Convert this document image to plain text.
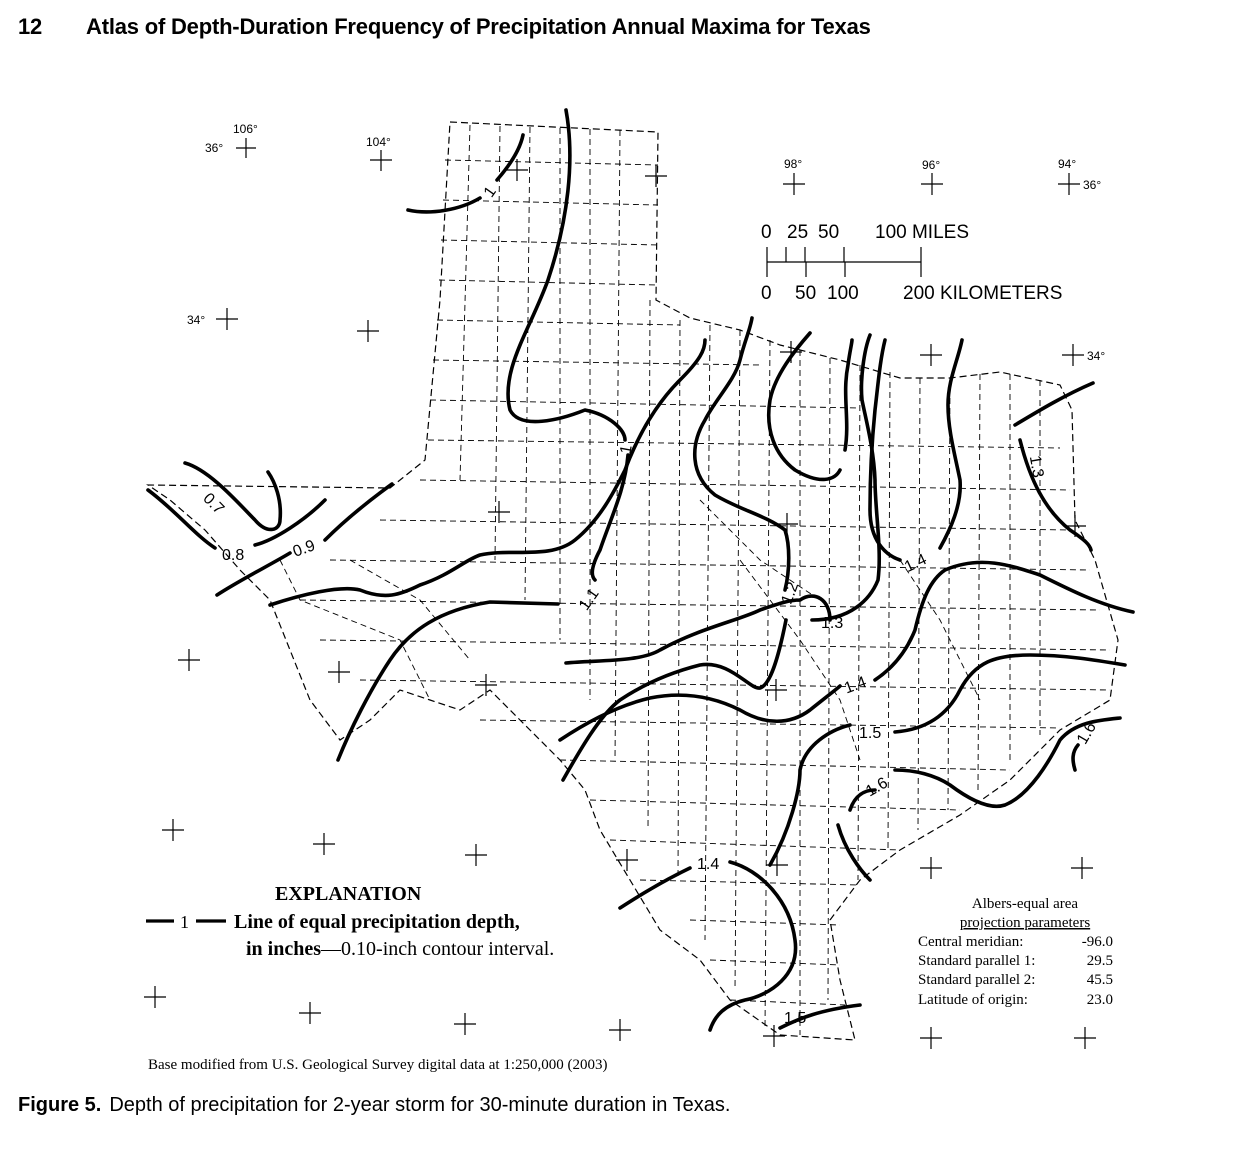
12 Atlas of Depth-Duration Frequency of Precipitation Annual Maxima for Texas
106°
104°
98°	96°	94°
36°
34°
34°
36°
0 25 50 100 MILES
0 50 100 200 KILOMETERS
0.7
0.8	0.9
1
1
1.1	1.2
1.3
1.3
1.4
1.4
1.4
1.5
1.5
1.6
1.6
EXPLANATION
1 Line of equal precipitation depth,
in inches—0.10-inch contour interval.
Albers-equal area
projection parameters
Central meridian:	-96.0
Standard parallel 1:	29.5
Standard parallel 2:	45.5
Latitude of origin:	23.0
Base modified from U.S. Geological Survey digital data at 1:250,000 (2003)
Figure 5. Depth of precipitation for 2-year storm for 30-minute duration in Texas.
